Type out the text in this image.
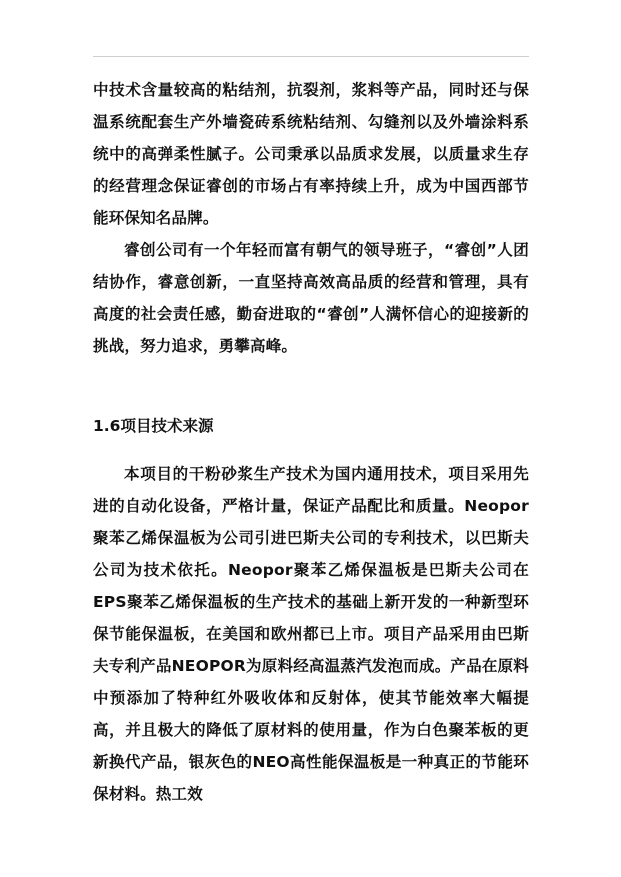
中技术含量较高的粘结剂，抗裂剂，浆料等产品，同时还与保温系统配套生产外墙瓷砖系统粘结剂、勾缝剂以及外墙涂料系统中的高弹柔性腻子。公司秉承以品质求发展，以质量求生存的经营理念保证睿创的市场占有率持续上升，成为中国西部节能环保知名品牌。

睿创公司有一个年轻而富有朝气的领导班子，“睿创”人团结协作，睿意创新，一直坚持高效高品质的经营和管理，具有高度的社会责任感，勤奋进取的“睿创”人满怀信心的迎接新的挑战，努力追求，勇攀高峰。

1.6项目技术来源

本项目的干粉砂浆生产技术为国内通用技术，项目采用先进的自动化设备，严格计量，保证产品配比和质量。Neopor聚苯乙烯保温板为公司引进巴斯夫公司的专利技术，以巴斯夫公司为技术依托。Neopor聚苯乙烯保温板是巴斯夫公司在EPS聚苯乙烯保温板的生产技术的基础上新开发的一种新型环保节能保温板，在美国和欧州都已上市。项目产品采用由巴斯夫专利产品NEOPOR为原料经高温蒸汽发泡而成。产品在原料中预添加了特种红外吸收体和反射体，使其节能效率大幅提高，并且极大的降低了原材料的使用量，作为白色聚苯板的更新换代产品，银灰色的NEO高性能保温板是一种真正的节能环保材料。热工效
